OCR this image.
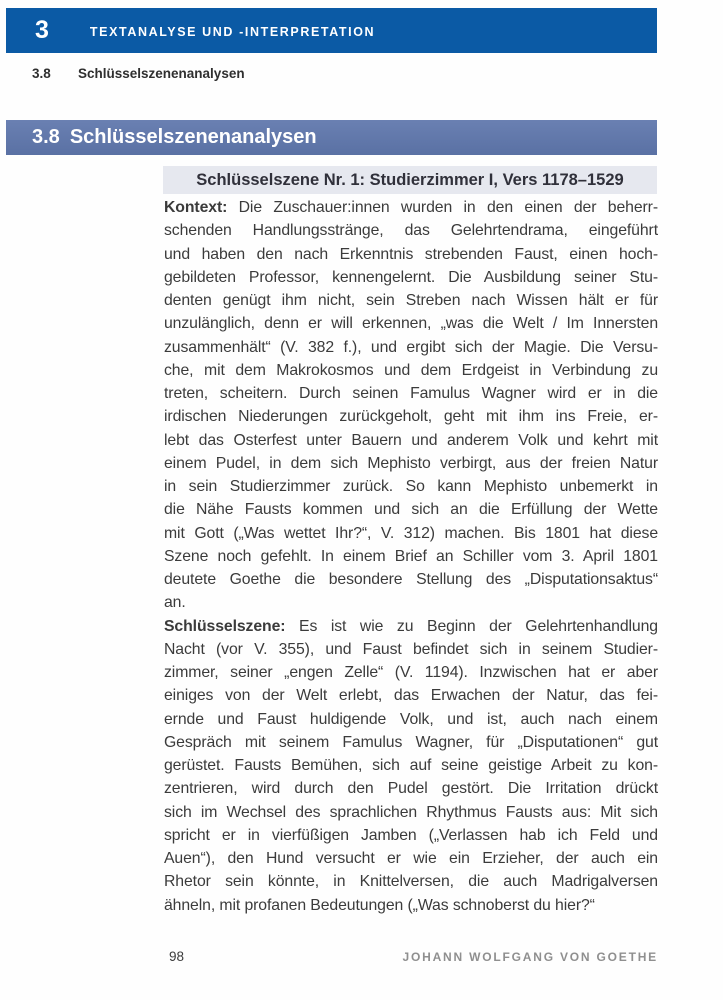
3	TEXTANALYSE UND -INTERPRETATION
3.8	Schlüsselszenenanalysen
3.8 Schlüsselszenenanalysen
Schlüsselszene Nr. 1: Studierzimmer I, Vers 1178–1529
Kontext: Die Zuschauer:innen wurden in den einen der beherr-
schenden Handlungsstränge, das Gelehrtendrama, eingeführt
und haben den nach Erkenntnis strebenden Faust, einen hoch-
gebildeten Professor, kennengelernt. Die Ausbildung seiner Stu-
denten genügt ihm nicht, sein Streben nach Wissen hält er für
unzulänglich, denn er will erkennen, „was die Welt / Im Innersten
zusammenhält“ (V. 382 f.), und ergibt sich der Magie. Die Versu-
che, mit dem Makrokosmos und dem Erdgeist in Verbindung zu
treten, scheitern. Durch seinen Famulus Wagner wird er in die
irdischen Niederungen zurückgeholt, geht mit ihm ins Freie, er-
lebt das Osterfest unter Bauern und anderem Volk und kehrt mit
einem Pudel, in dem sich Mephisto verbirgt, aus der freien Natur
in sein Studierzimmer zurück. So kann Mephisto unbemerkt in
die Nähe Fausts kommen und sich an die Erfüllung der Wette
mit Gott („Was wettet Ihr?“, V. 312) machen. Bis 1801 hat diese
Szene noch gefehlt. In einem Brief an Schiller vom 3. April 1801
deutete Goethe die besondere Stellung des „Disputationsaktus“
an.
Schlüsselszene: Es ist wie zu Beginn der Gelehrtenhandlung
Nacht (vor V. 355), und Faust befindet sich in seinem Studier-
zimmer, seiner „engen Zelle“ (V. 1194). Inzwischen hat er aber
einiges von der Welt erlebt, das Erwachen der Natur, das fei-
ernde und Faust huldigende Volk, und ist, auch nach einem
Gespräch mit seinem Famulus Wagner, für „Disputationen“ gut
gerüstet. Fausts Bemühen, sich auf seine geistige Arbeit zu kon-
zentrieren, wird durch den Pudel gestört. Die Irritation drückt
sich im Wechsel des sprachlichen Rhythmus Fausts aus: Mit sich
spricht er in vierfüßigen Jamben („Verlassen hab ich Feld und
Auen“), den Hund versucht er wie ein Erzieher, der auch ein
Rhetor sein könnte, in Knittelversen, die auch Madrigalversen
ähneln, mit profanen Bedeutungen („Was schnoberst du hier?“
98	JOHANN WOLFGANG VON GOETHE
